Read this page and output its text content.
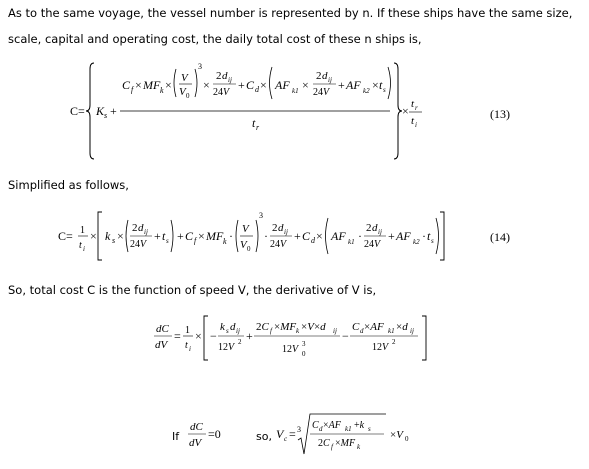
As to the same voyage, the vessel number is represented by n. If these ships have the same size,
scale, capital and operating cost, the daily total cost of these n ships is,
Simplified as follows,
So, total cost C is the function of speed V, the derivative of V is,
C= K s +
C f × MF k × V
V 0
3
×
2 d ij
24V
+ C d × AF k1 ×
2 d ij
24V
+ AF k2 × t s
t r
× t r
t i
(13)
C= 1
t i
× k s ×
2 d ij
24V
+ t s + C f × MF k · V
V 0
3
·
2 d ij
24V
+ C d × AF k1 ·
2 d ij
24V
+ AF k2 · t s	(14)
dC
dV
= 1
t i
× −
k s d ij
12V 2 +
2C f ×MF k ×V×d ij
12V 3
0
−
C d ×AF k1 ×d ij
12V 2
If
dC
dV
=0	V c = 3 C d ×AF k1 +k s
2C f ×MF k
×V 0
so,
